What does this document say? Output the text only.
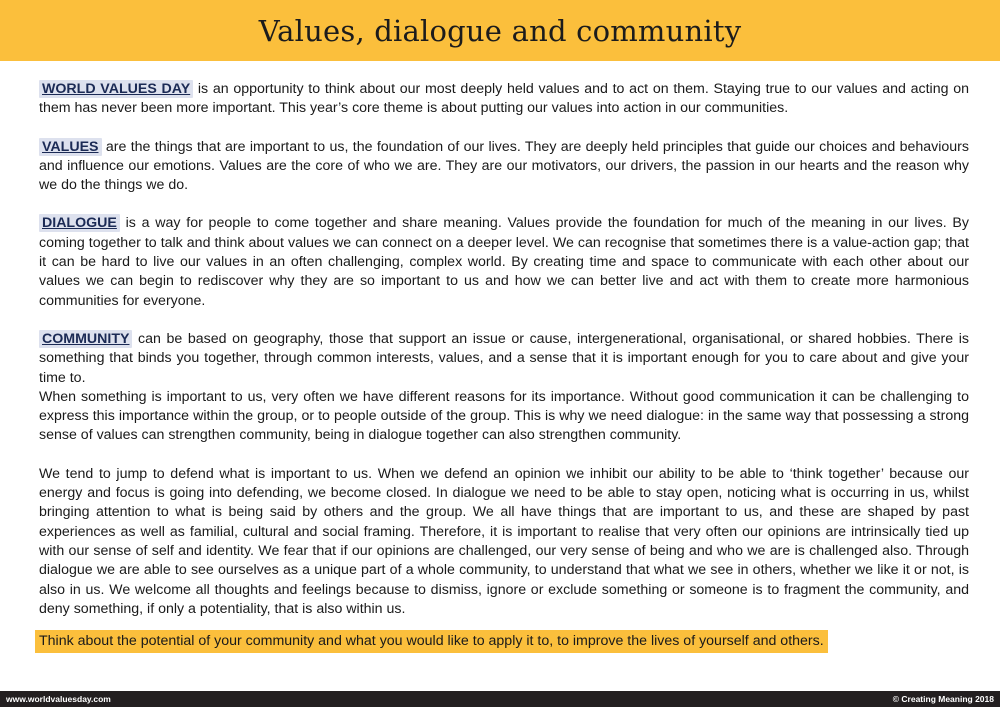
Values, dialogue and community

WORLD VALUES DAY is an opportunity to think about our most deeply held values and to act on them. Staying true to our values and acting on them has never been more important. This year’s core theme is about putting our values into action in our communities.

VALUES are the things that are important to us, the foundation of our lives. They are deeply held principles that guide our choices and behaviours and influence our emotions. Values are the core of who we are. They are our motivators, our drivers, the passion in our hearts and the reason why we do the things we do.

DIALOGUE is a way for people to come together and share meaning. Values provide the foundation for much of the meaning in our lives. By coming together to talk and think about values we can connect on a deeper level. We can recognise that sometimes there is a value-action gap; that it can be hard to live our values in an often challenging, complex world. By creating time and space to communicate with each other about our values we can begin to rediscover why they are so important to us and how we can better live and act with them to create more harmonious communities for everyone.

COMMUNITY can be based on geography, those that support an issue or cause, intergenerational, organisational, or shared hobbies. There is something that binds you together, through common interests, values, and a sense that it is important enough for you to care about and give your time to.

When something is important to us, very often we have different reasons for its importance. Without good communication it can be challenging to express this importance within the group, or to people outside of the group. This is why we need dialogue: in the same way that possessing a strong sense of values can strengthen community, being in dialogue together can also strengthen community.

We tend to jump to defend what is important to us. When we defend an opinion we inhibit our ability to be able to ‘think together’ because our energy and focus is going into defending, we become closed. In dialogue we need to be able to stay open, noticing what is occurring in us, whilst bringing attention to what is being said by others and the group. We all have things that are important to us, and these are shaped by past experiences as well as familial, cultural and social framing. Therefore, it is important to realise that very often our opinions are intrinsically tied up with our sense of self and identity. We fear that if our opinions are challenged, our very sense of being and who we are is challenged also. Through dialogue we are able to see ourselves as a unique part of a whole community, to understand that what we see in others, whether we like it or not, is also in us. We welcome all thoughts and feelings because to dismiss, ignore or exclude something or someone is to fragment the community, and deny something, if only a potentiality, that is also within us.

Think about the potential of your community and what you would like to apply it to, to improve the lives of yourself and others.

www.worldvaluesday.com	© Creating Meaning 2018
